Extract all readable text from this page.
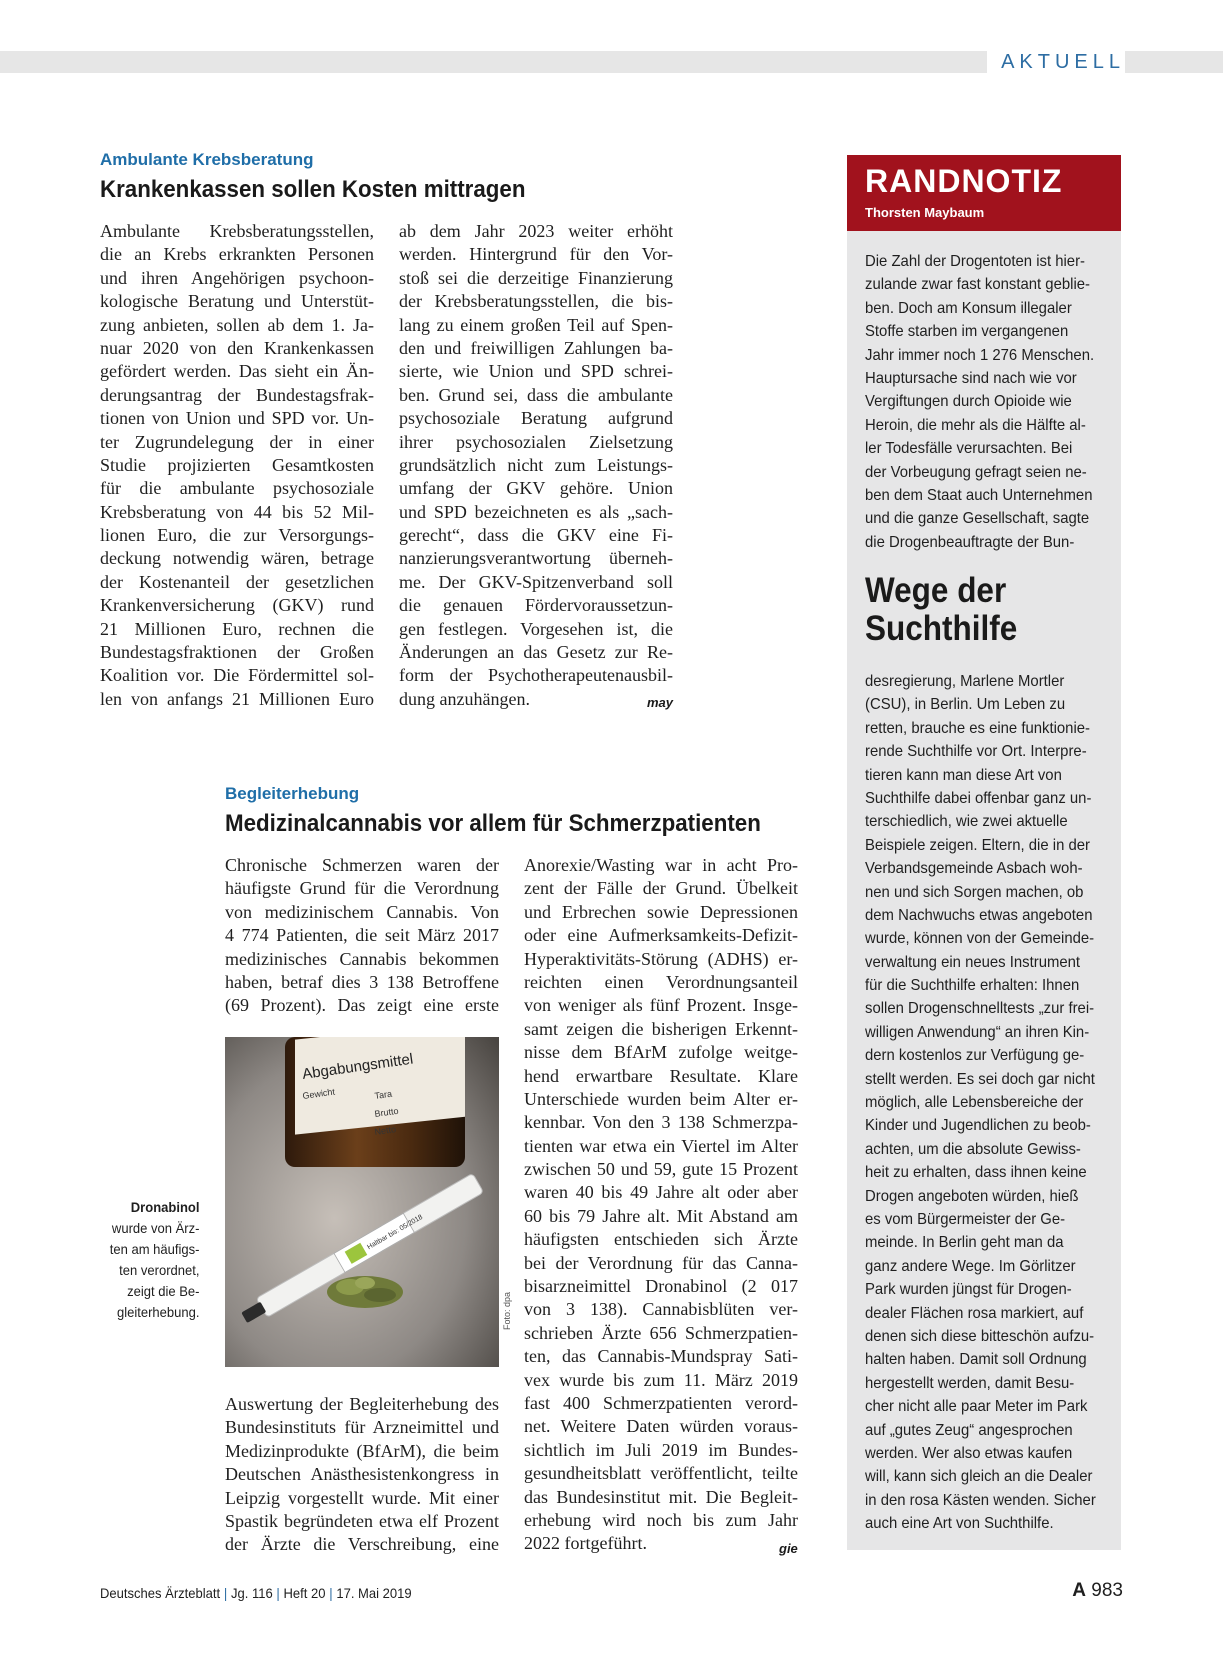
AKTUELL
Ambulante Krebsberatung
Krankenkassen sollen Kosten mittragen
Ambulante Krebsberatungsstellen,
die an Krebs erkrankten Personen
und ihren Angehörigen psychoon-
kologische Beratung und Unterstüt-
zung anbieten, sollen ab dem 1. Ja-
nuar 2020 von den Krankenkassen
gefördert werden. Das sieht ein Än-
derungsantrag der Bundestagsfrak-
tionen von Union und SPD vor. Un-
ter Zugrundelegung der in einer
Studie projizierten Gesamtkosten
für die ambulante psychosoziale
Krebsberatung von 44 bis 52 Mil-
lionen Euro, die zur Versorgungs-
deckung notwendig wären, betrage
der Kostenanteil der gesetzlichen
Krankenversicherung (GKV) rund
21 Millionen Euro, rechnen die
Bundestagsfraktionen der Großen
Koalition vor. Die Fördermittel sol-
len von anfangs 21 Millionen Euro
ab dem Jahr 2023 weiter erhöht
werden. Hintergrund für den Vor-
stoß sei die derzeitige Finanzierung
der Krebsberatungsstellen, die bis-
lang zu einem großen Teil auf Spen-
den und freiwilligen Zahlungen ba-
sierte, wie Union und SPD schrei-
ben. Grund sei, dass die ambulante
psychosoziale Beratung aufgrund
ihrer psychosozialen Zielsetzung
grundsätzlich nicht zum Leistungs-
umfang der GKV gehöre. Union
und SPD bezeichneten es als „sach-
gerecht“, dass die GKV eine Fi-
nanzierungsverantwortung überneh-
me. Der GKV-Spitzenverband soll
die genauen Fördervoraussetzun-
gen festlegen. Vorgesehen ist, die
Änderungen an das Gesetz zur Re-
form der Psychotherapeutenausbil-
dung anzuhängen.	may
Begleiterhebung
Medizinalcannabis vor allem für Schmerzpatienten
Chronische Schmerzen waren der
häufigste Grund für die Verordnung
von medizinischem Cannabis. Von
4 774 Patienten, die seit März 2017
medizinisches Cannabis bekommen
haben, betraf dies 3 138 Betroffene
(69 Prozent). Das zeigt eine erste
Abgabungsmittel
Gewicht	Tara
Brutto
Netto
Haltbar bis: 05/2018
Foto: dpa
Dronabinol
wurde von Ärz-
ten am häufigs-
ten verordnet,
zeigt die Be-
gleiterhebung.
Auswertung der Begleiterhebung des
Bundesinstituts für Arzneimittel und
Medizinprodukte (BfArM), die beim
Deutschen Anästhesistenkongress in
Leipzig vorgestellt wurde. Mit einer
Spastik begründeten etwa elf Prozent
der Ärzte die Verschreibung, eine
Anorexie/Wasting war in acht Pro-
zent der Fälle der Grund. Übelkeit
und Erbrechen sowie Depressionen
oder eine Aufmerksamkeits-Defizit-
Hyperaktivitäts-Störung (ADHS) er-
reichten einen Verordnungsanteil
von weniger als fünf Prozent. Insge-
samt zeigen die bisherigen Erkennt-
nisse dem BfArM zufolge weitge-
hend erwartbare Resultate. Klare
Unterschiede wurden beim Alter er-
kennbar. Von den 3 138 Schmerzpa-
tienten war etwa ein Viertel im Alter
zwischen 50 und 59, gute 15 Prozent
waren 40 bis 49 Jahre alt oder aber
60 bis 79 Jahre alt. Mit Abstand am
häufigsten entschieden sich Ärzte
bei der Verordnung für das Canna-
bisarzneimittel Dronabinol (2 017
von 3 138). Cannabisblüten ver-
schrieben Ärzte 656 Schmerzpatien-
ten, das Cannabis-Mundspray Sati-
vex wurde bis zum 11. März 2019
fast 400 Schmerzpatienten verord-
net. Weitere Daten würden voraus-
sichtlich im Juli 2019 im Bundes-
gesundheitsblatt veröffentlicht, teilte
das Bundesinstitut mit. Die Begleit-
erhebung wird noch bis zum Jahr
2022 fortgeführt.	gie
RANDNOTIZ
Thorsten Maybaum
Die Zahl der Drogentoten ist hier-
zulande zwar fast konstant geblie-
ben. Doch am Konsum illegaler
Stoffe starben im vergangenen
Jahr immer noch 1 276 Menschen.
Hauptursache sind nach wie vor
Vergiftungen durch Opioide wie
Heroin, die mehr als die Hälfte al-
ler Todesfälle verursachten. Bei
der Vorbeugung gefragt seien ne-
ben dem Staat auch Unternehmen
und die ganze Gesellschaft, sagte
die Drogenbeauftragte der Bun-
Wege der
Suchthilfe
desregierung, Marlene Mortler
(CSU), in Berlin. Um Leben zu
retten, brauche es eine funktionie-
rende Suchthilfe vor Ort. Interpre-
tieren kann man diese Art von
Suchthilfe dabei offenbar ganz un-
terschiedlich, wie zwei aktuelle
Beispiele zeigen. Eltern, die in der
Verbandsgemeinde Asbach woh-
nen und sich Sorgen machen, ob
dem Nachwuchs etwas angeboten
wurde, können von der Gemeinde-
verwaltung ein neues Instrument
für die Suchthilfe erhalten: Ihnen
sollen Drogenschnelltests „zur frei-
willigen Anwendung“ an ihren Kin-
dern kostenlos zur Verfügung ge-
stellt werden. Es sei doch gar nicht
möglich, alle Lebensbereiche der
Kinder und Jugendlichen zu beob-
achten, um die absolute Gewiss-
heit zu erhalten, dass ihnen keine
Drogen angeboten würden, hieß
es vom Bürgermeister der Ge-
meinde. In Berlin geht man da
ganz andere Wege. Im Görlitzer
Park wurden jüngst für Drogen-
dealer Flächen rosa markiert, auf
denen sich diese bitteschön aufzu-
halten haben. Damit soll Ordnung
hergestellt werden, damit Besu-
cher nicht alle paar Meter im Park
auf „gutes Zeug“ angesprochen
werden. Wer also etwas kaufen
will, kann sich gleich an die Dealer
in den rosa Kästen wenden. Sicher
auch eine Art von Suchthilfe.
Deutsches Ärzteblatt | Jg. 116 | Heft 20 | 17. Mai 2019	A 983
